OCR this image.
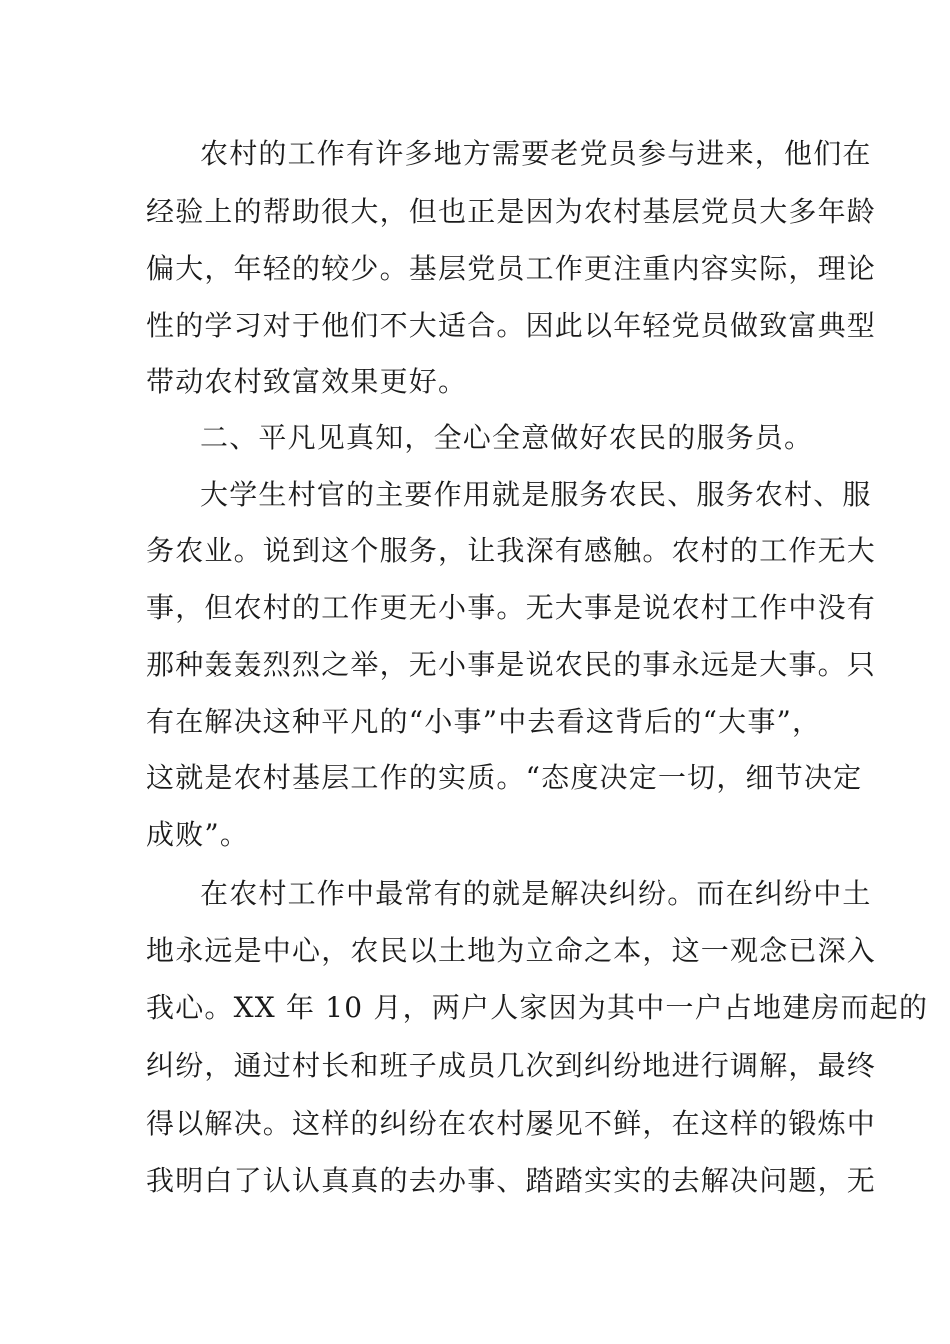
农村的工作有许多地方需要老党员参与进来，他们在
经验上的帮助很大，但也正是因为农村基层党员大多年龄
偏大，年轻的较少。基层党员工作更注重内容实际，理论
性的学习对于他们不大适合。因此以年轻党员做致富典型
带动农村致富效果更好。
二、平凡见真知，全心全意做好农民的服务员。
大学生村官的主要作用就是服务农民、服务农村、服
务农业。说到这个服务，让我深有感触。农村的工作无大
事，但农村的工作更无小事。无大事是说农村工作中没有
那种轰轰烈烈之举，无小事是说农民的事永远是大事。只
有在解决这种平凡的“小事”中去看这背后的“大事”，
这就是农村基层工作的实质。“态度决定一切，细节决定
成败”。
在农村工作中最常有的就是解决纠纷。而在纠纷中土
地永远是中心，农民以土地为立命之本，这一观念已深入
我心。XX 年 10 月，两户人家因为其中一户占地建房而起的
纠纷，通过村长和班子成员几次到纠纷地进行调解，最终
得以解决。这样的纠纷在农村屡见不鲜，在这样的锻炼中
我明白了认认真真的去办事、踏踏实实的去解决问题，无
